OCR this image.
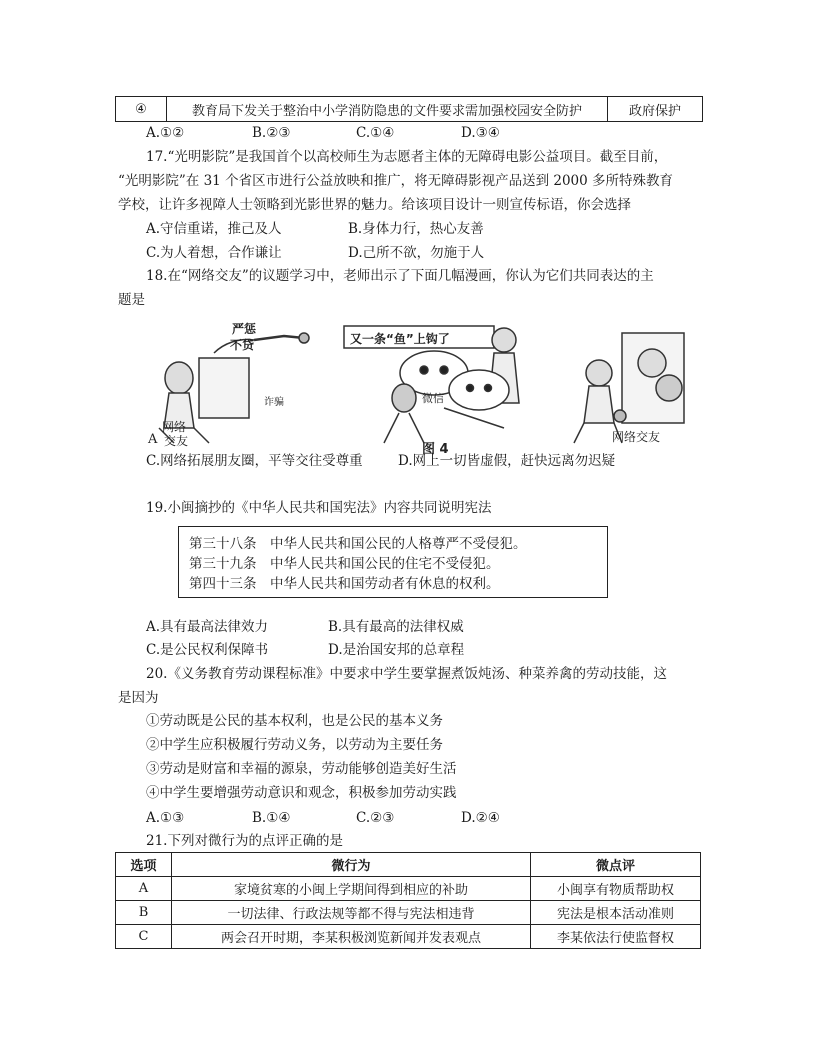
④	教育局下发关于整治中小学消防隐患的文件要求需加强校园安全防护	政府保护
A.①②	B.②③	C.①④	D.③④
17.“光明影院”是我国首个以高校师生为志愿者主体的无障碍电影公益项目。截至目前，
“光明影院”在 31 个省区市进行公益放映和推广，将无障碍影视产品送到 2000 多所特殊教育
学校，让许多视障人士领略到光影世界的魅力。给该项目设计一则宣传标语，你会选择
A.守信重诺，推己及人	B.身体力行，热心友善
C.为人着想，合作谦让	D.己所不欲，勿施于人
18.在“网络交友”的议题学习中，老师出示了下面几幅漫画，你认为它们共同表达的主
题是
严惩
不贷
网络
交友
诈骗
又一条“鱼”上钩了
微信
网络交友
A
图 4
C.网络拓展朋友圈，平等交往受尊重	D.网上一切皆虚假，赶快远离勿迟疑
19.小闽摘抄的《中华人民共和国宪法》内容共同说明宪法
第三十八条　中华人民共和国公民的人格尊严不受侵犯。
第三十九条　中华人民共和国公民的住宅不受侵犯。
第四十三条　中华人民共和国劳动者有休息的权利。
A.具有最高法律效力	B.具有最高的法律权威
C.是公民权利保障书	D.是治国安邦的总章程
20.《义务教育劳动课程标准》中要求中学生要掌握煮饭炖汤、种菜养禽的劳动技能，这
是因为
①劳动既是公民的基本权利，也是公民的基本义务
②中学生应积极履行劳动义务，以劳动为主要任务
③劳动是财富和幸福的源泉，劳动能够创造美好生活
④中学生要增强劳动意识和观念，积极参加劳动实践
A.①③	B.①④	C.②③	D.②④
21.下列对微行为的点评正确的是
选项	微行为	微点评
A	家境贫寒的小闽上学期间得到相应的补助	小闽享有物质帮助权
B	一切法律、行政法规等都不得与宪法相违背	宪法是根本活动准则
C	两会召开时期，李某积极浏览新闻并发表观点	李某依法行使监督权
